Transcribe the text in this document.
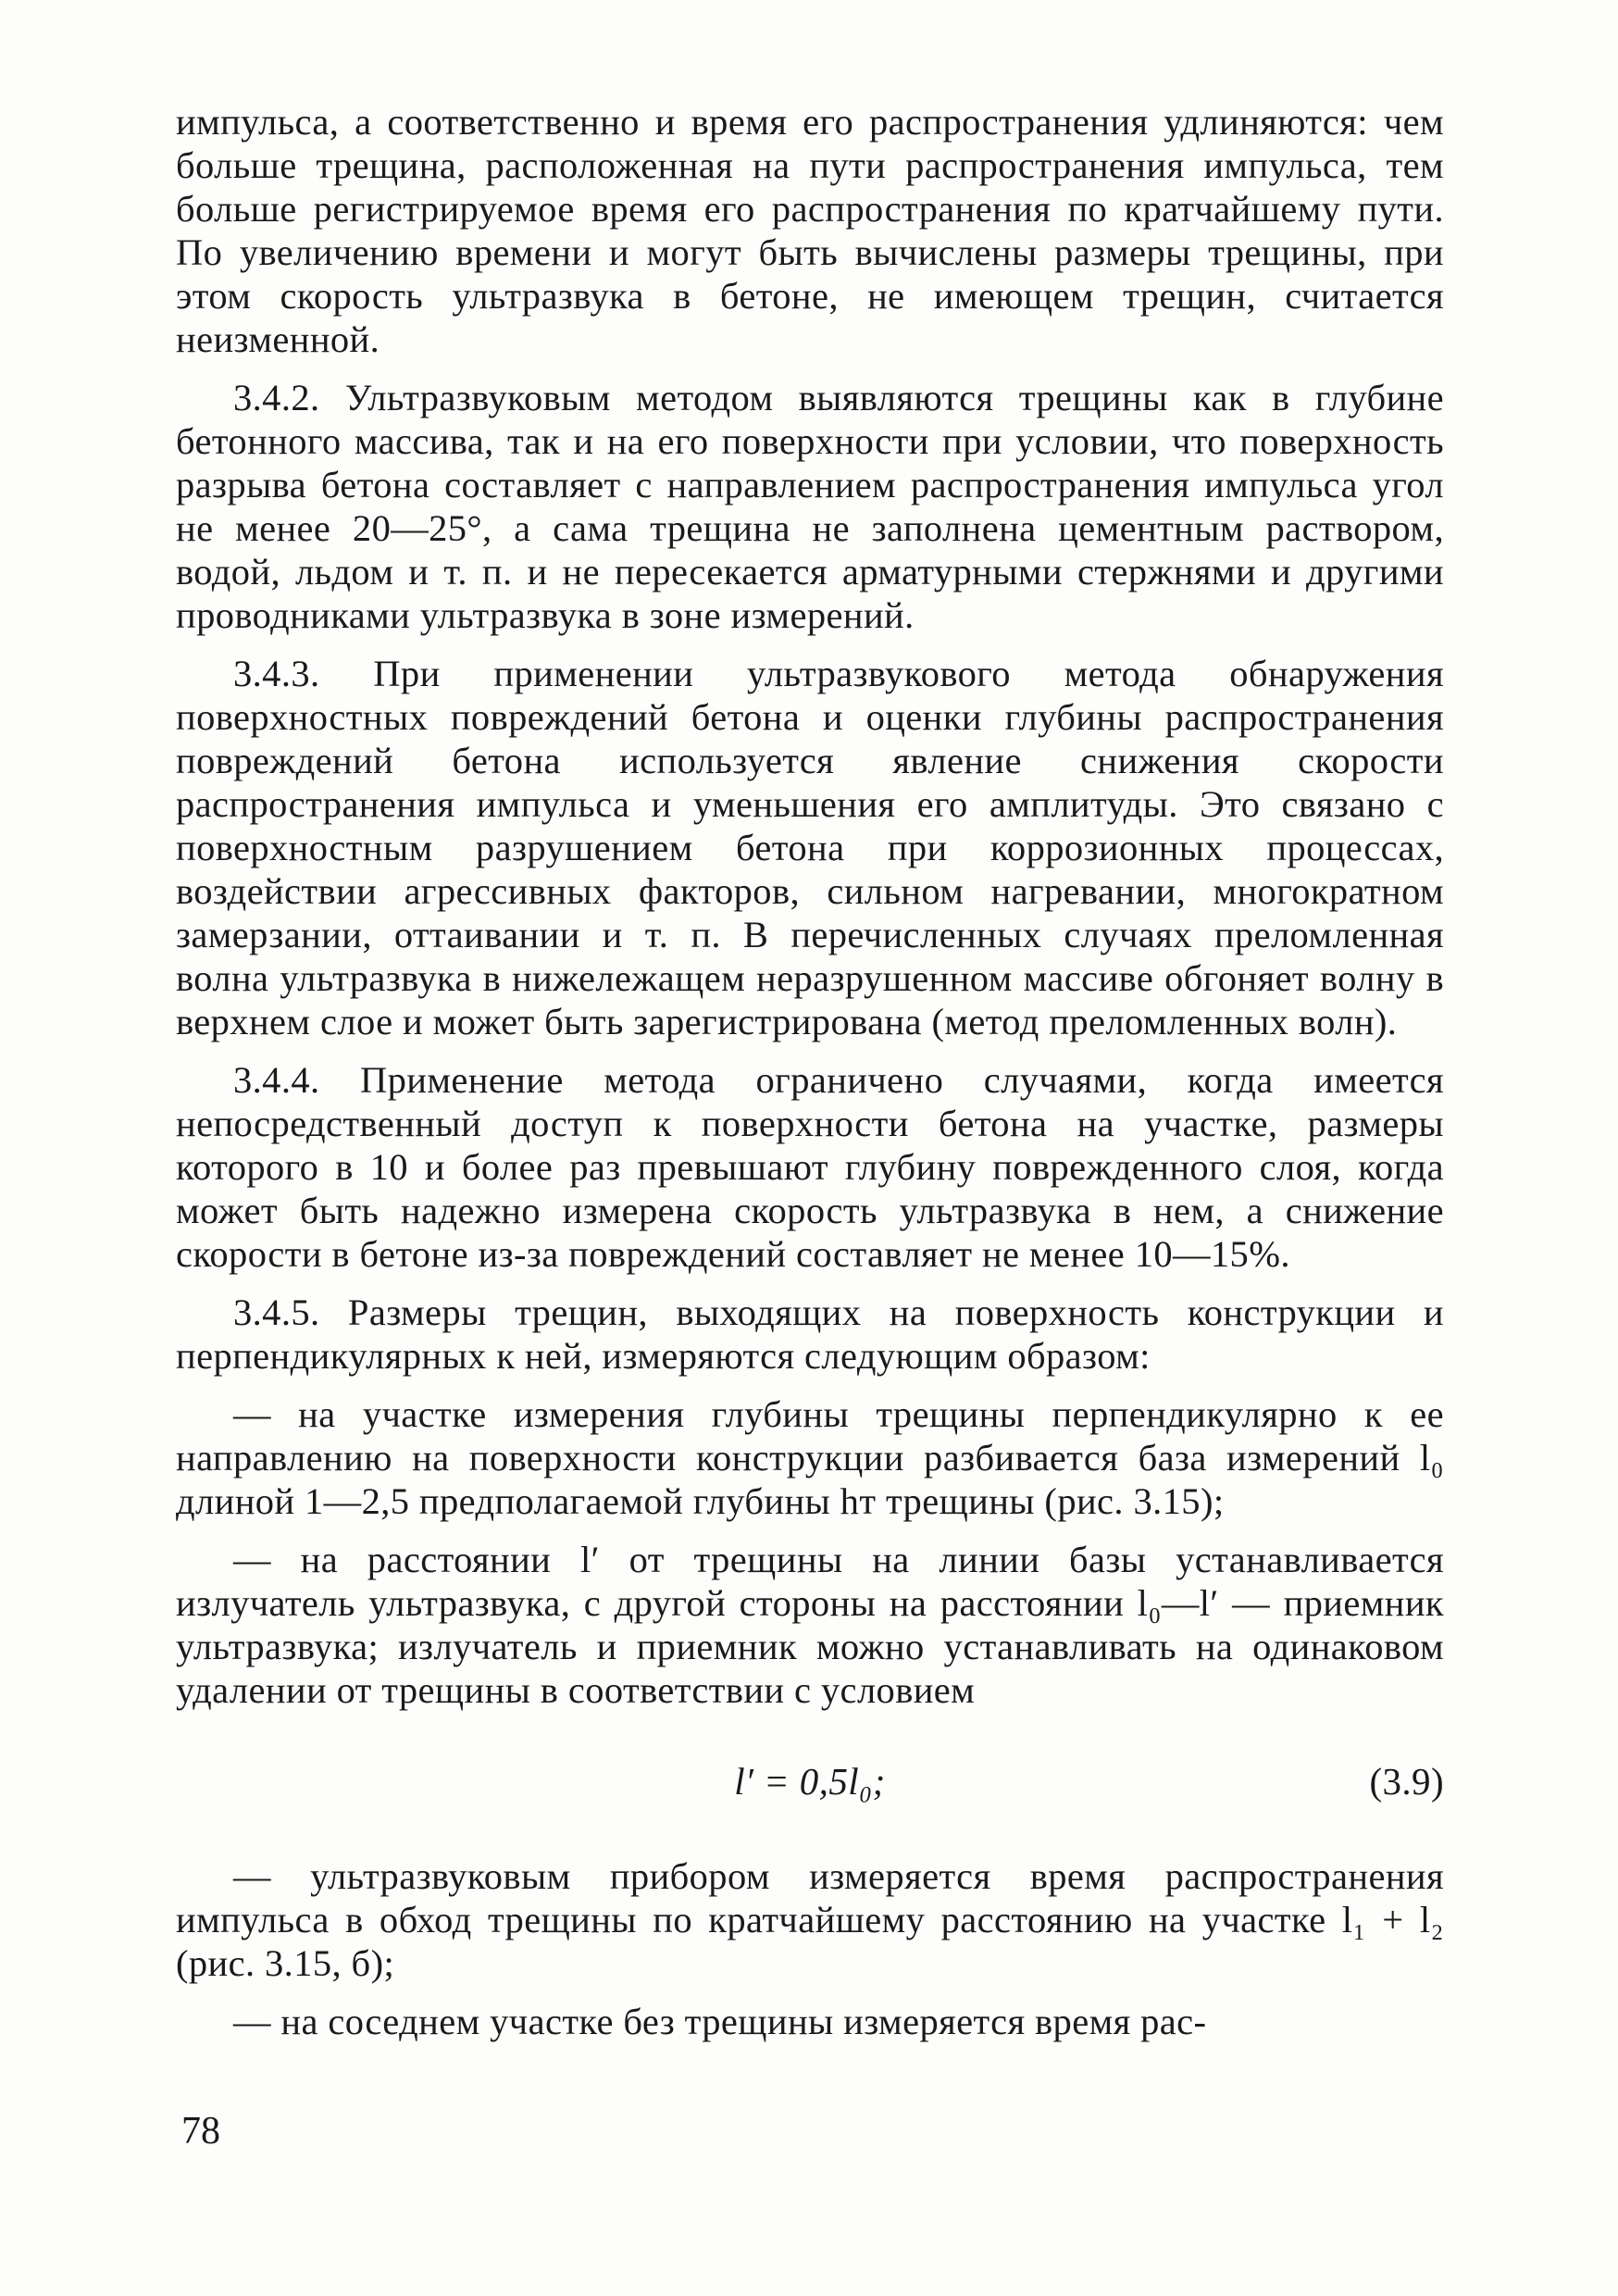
импульса, а соответственно и время его распространения удлиняются: чем больше трещина, расположенная на пути распространения импульса, тем больше регистрируемое время его распространения по кратчайшему пути. По увеличению времени и могут быть вычислены размеры трещины, при этом скорость ультразвука в бетоне, не имеющем трещин, считается неизменной.

3.4.2. Ультразвуковым методом выявляются трещины как в глубине бетонного массива, так и на его поверхности при условии, что поверхность разрыва бетона составляет с направлением распространения импульса угол не менее 20—25°, а сама трещина не заполнена цементным раствором, водой, льдом и т. п. и не пересекается арматурными стержнями и другими проводниками ультразвука в зоне измерений.

3.4.3. При применении ультразвукового метода обнаружения поверхностных повреждений бетона и оценки глубины распространения повреждений бетона используется явление снижения скорости распространения импульса и уменьшения его амплитуды. Это связано с поверхностным разрушением бетона при коррозионных процессах, воздействии агрессивных факторов, сильном нагревании, многократном замерзании, оттаивании и т. п. В перечисленных случаях преломленная волна ультразвука в нижележащем неразрушенном массиве обгоняет волну в верхнем слое и может быть зарегистрирована (метод преломленных волн).

3.4.4. Применение метода ограничено случаями, когда имеется непосредственный доступ к поверхности бетона на участке, размеры которого в 10 и более раз превышают глубину поврежденного слоя, когда может быть надежно измерена скорость ультразвука в нем, а снижение скорости в бетоне из-за повреждений составляет не менее 10—15%.

3.4.5. Размеры трещин, выходящих на поверхность конструкции и перпендикулярных к ней, измеряются следующим образом:

— на участке измерения глубины трещины перпендикулярно к ее направлению на поверхности конструкции разбивается база измерений l₀ длиной 1—2,5 предполагаемой глубины hт трещины (рис. 3.15);

— на расстоянии l′ от трещины на линии базы устанавливается излучатель ультразвука, с другой стороны на расстоянии l₀—l′ — приемник ультразвука; излучатель и приемник можно устанавливать на одинаковом удалении от трещины в соответствии с условием

l′ = 0,5l₀;	(3.9)

— ультразвуковым прибором измеряется время распространения импульса в обход трещины по кратчайшему расстоянию на участке l₁ + l₂ (рис. 3.15, б);

— на соседнем участке без трещины измеряется время рас-

78
